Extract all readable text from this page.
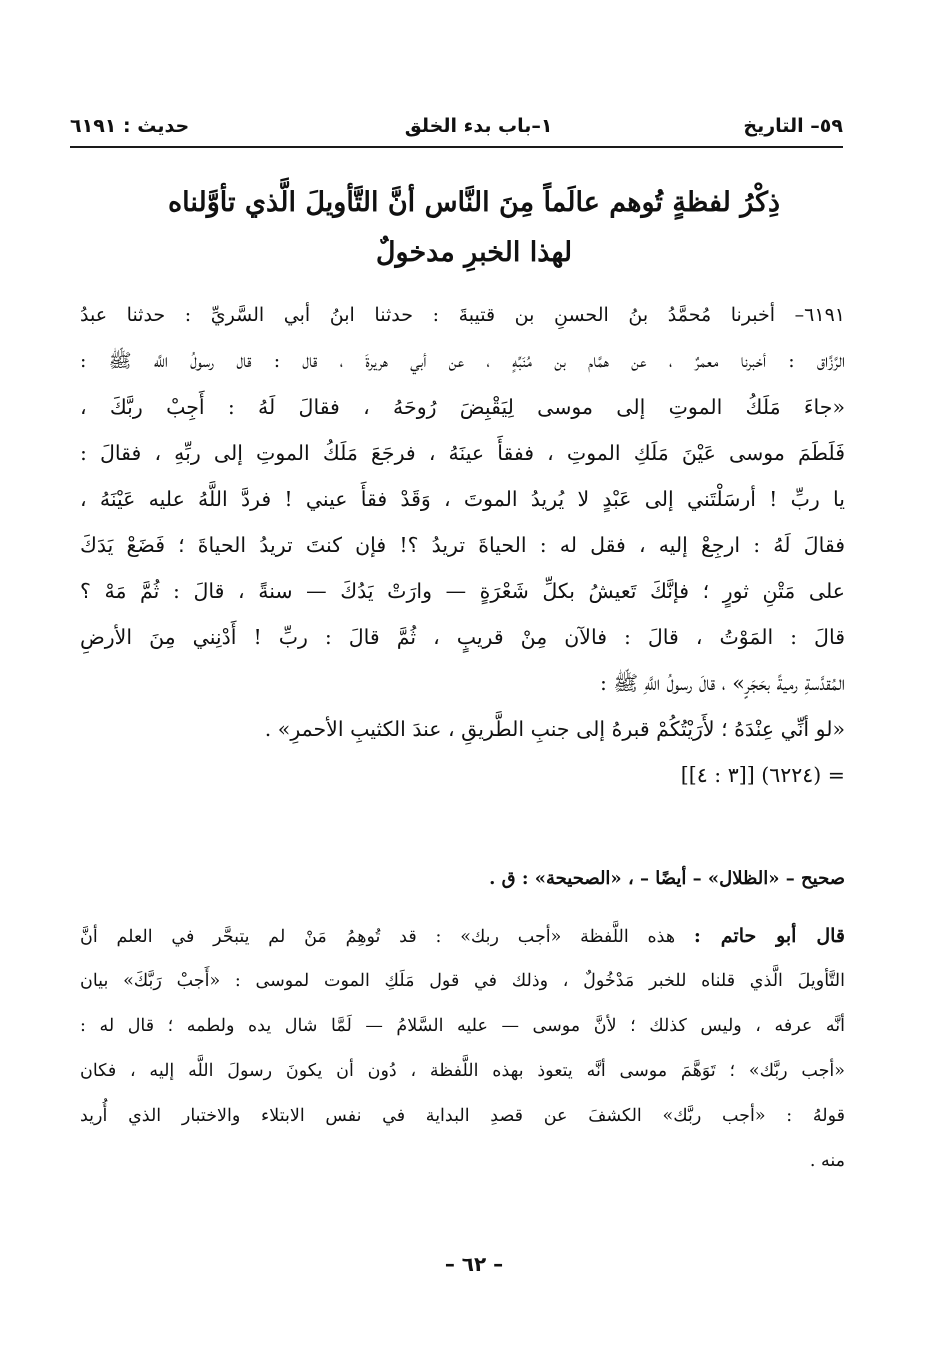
٥٩– التاريخ
١–باب بدء الخلق
حديث : ٦١٩١
ذِكْرُ لفظةٍ تُوهم عالَماً مِنَ النَّاس أنَّ التَّأويلَ الَّذي تأوَّلناه
لهذا الخبرِ مدخولٌ
٦١٩١– أخبرنا مُحمَّدُ بنُ الحسنِ بن قتيبةَ : حدثنا ابنُ أبي السَّريِّ : حدثنا عبدُ
الرَّزَّاق : أخبرنا معمرٌ ، عن همَّام بن مُنَبِّهٍ ، عن أبي هريرةَ ، قال : قال رسولُ اللَّه ﷺ :
«جاءَ مَلَكُ الموتِ إلى موسى لِيَقْبِضَ رُوحَهُ ، فقالَ لَهُ : أَجِبْ ربَّكَ ،
فَلَطَمَ موسى عَيْنَ مَلَكِ الموتِ ، ففقأَ عينَهُ ، فرجَعَ مَلَكُ الموتِ إلى ربِّهِ ، فقالَ :
يا ربِّ ! أرسَلْتَني إلى عَبْدٍ لا يُريدُ الموتَ ، وَقَدْ فقأَ عيني ! فردَّ اللَّهُ عليه عَيْنَهُ ،
فقالَ لَهُ : ارجِعْ إليه ، فقل له : الحياةَ تريدُ ؟! فإن كنتَ تريدُ الحياةَ ؛ فَضَعْ يَدَكَ
على مَتْنِ ثورٍ ؛ فإنَّكَ تَعيشُ بكلِّ شَعْرَةٍ — وارَتْ يَدُكَ — سنةً ، قالَ : ثُمَّ مَهْ ؟
قالَ : المَوْتُ ، قالَ : فالآن مِنْ قريبٍ ، ثُمَّ قالَ : ربِّ ! أَدْنِني مِنَ الأرضِ
المُقدَّسةِ رميةً بحَجَرٍ» ، قالَ رسولُ اللَّهِ ﷺ :
«لو أنِّي عِنْدَهُ ؛ لأَرَيْتُكُمْ قبرهُ إلى جنبِ الطَّريقِ ، عندَ الكثيبِ الأحمرِ» .
= (٦٢٢٤) [[٣ : ٤]]
صحيح – «الظلال» – أيضًا – ، «الصحيحة» : ق .
قال أبو حاتم : هذه اللَّفظة «أجب ربك» : قد تُوهِمُ مَنْ لم يتبحَّر في العلم أنَّ
التَّأويلَ الَّذي قلناه للخبر مَدْخُولٌ ، وذلك في قول مَلَكِ الموت لموسى : «أَجبْ رَبَّكَ» بيان
أنَّه عرفه ، وليس كذلك ؛ لأنَّ موسى — عليه السَّلامُ — لَمَّا شال يده ولطمه ؛ قال له :
«أجب ربَّك» ؛ تَوَهَّمَ موسى أنَّه يتعوذ بهذه اللَّفظة ، دُون أن يكونَ رسولَ اللَّه إليه ، فكان
قولهُ : «أجب ربَّك» الكشفَ عن قصدِ البداية في نفس الابتلاء والاختبار الذي أُريد
منه .
– ٦٢ –
